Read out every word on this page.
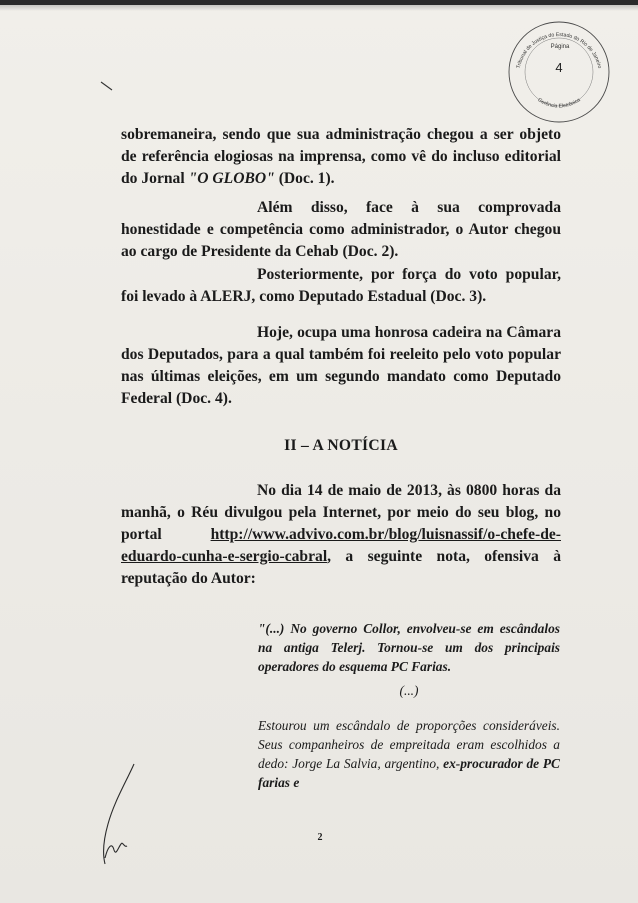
Tribunal de Justiça do Estado do Rio de Janeiro
Gerência Eletrônica
Página
4
sobremaneira, sendo que sua administração chegou a ser objeto de referência elogiosas na imprensa, como vê do incluso editorial do Jornal "O GLOBO" (Doc. 1).
Além disso, face à sua comprovada honestidade e competência como administrador, o Autor chegou ao cargo de Presidente da Cehab (Doc. 2).
Posteriormente, por força do voto popular, foi levado à ALERJ, como Deputado Estadual (Doc. 3).
Hoje, ocupa uma honrosa cadeira na Câmara dos Deputados, para a qual também foi reeleito pelo voto popular nas últimas eleições, em um segundo mandato como Deputado Federal (Doc. 4).
II – A NOTÍCIA
No dia 14 de maio de 2013, às 0800 horas da manhã, o Réu divulgou pela Internet, por meio do seu blog, no portal	http://www.advivo.com.br/blog/luisnassif/o-chefe-de-eduardo-cunha-e-sergio-cabral, a seguinte nota, ofensiva à reputação do Autor:
"(...) No governo Collor, envolveu-se em escândalos na antiga Telerj. Tornou-se um dos principais operadores do esquema PC Farias.
(...)
Estourou um escândalo de proporções consideráveis. Seus companheiros de empreitada eram escolhidos a dedo: Jorge La Salvia, argentino, ex-procurador de PC farias e
2
